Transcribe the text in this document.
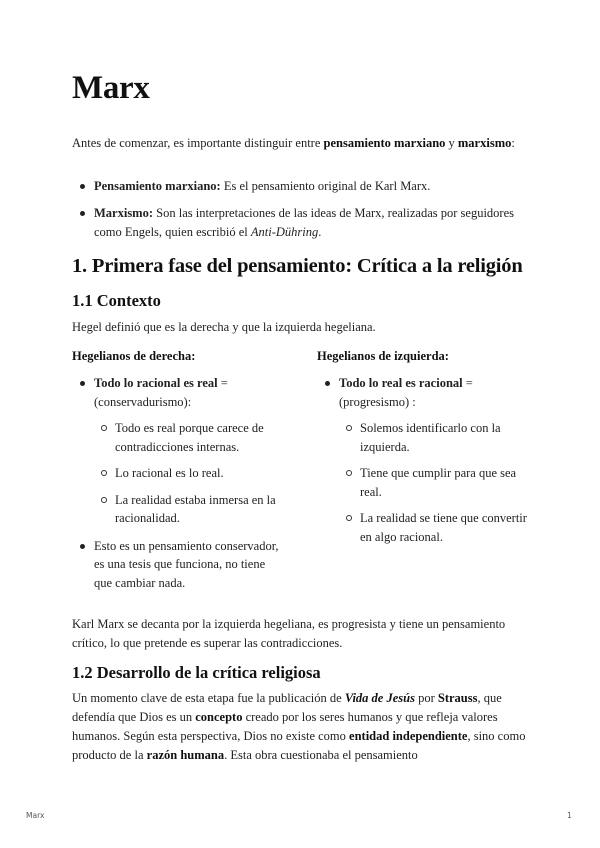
Marx

Antes de comenzar, es importante distinguir entre pensamiento marxiano y marxismo:

Pensamiento marxiano: Es el pensamiento original de Karl Marx.
Marxismo: Son las interpretaciones de las ideas de Marx, realizadas por seguidores como Engels, quien escribió el Anti-Dühring.
1. Primera fase del pensamiento: Crítica a la religión
1.1 Contexto

Hegel definió que es la derecha y que la izquierda hegeliana.

Hegelianos de derecha:
Todo lo racional es real = (conservadurismo):
Todo es real porque carece de contradicciones internas.
Lo racional es lo real.
La realidad estaba inmersa en la racionalidad.
Esto es un pensamiento conservador, es una tesis que funciona, no tiene que cambiar nada.
Hegelianos de izquierda:
Todo lo real es racional = (progresismo) :
Solemos identificarlo con la izquierda.
Tiene que cumplir para que sea real.
La realidad se tiene que convertir en algo racional.

Karl Marx se decanta por la izquierda hegeliana, es progresista y tiene un pensamiento crítico, lo que pretende es superar las contradicciones.

1.2 Desarrollo de la crítica religiosa

Un momento clave de esta etapa fue la publicación de Vida de Jesús por Strauss, que defendía que Dios es un concepto creado por los seres humanos y que refleja valores humanos. Según esta perspectiva, Dios no existe como entidad independiente, sino como producto de la razón humana. Esta obra cuestionaba el pensamiento

Marx	1
